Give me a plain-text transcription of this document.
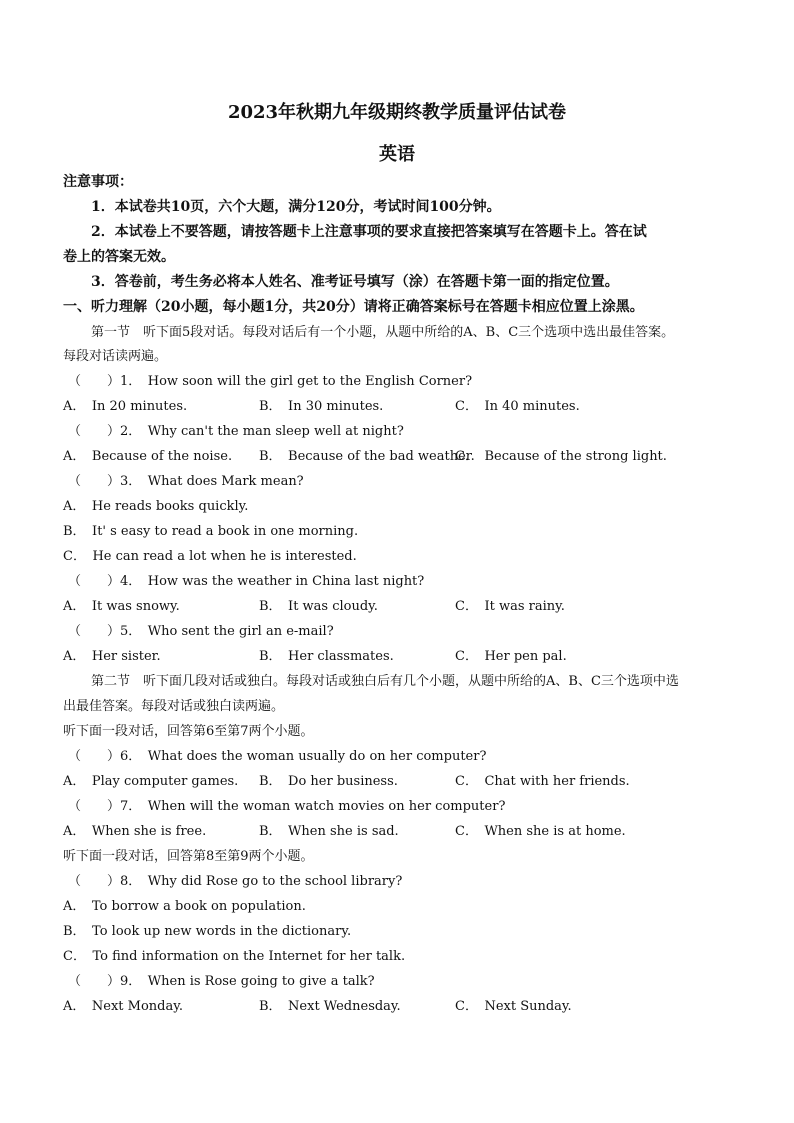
2023年秋期九年级期终教学质量评估试卷
英语
注意事项：
1．本试卷共10页，六个大题，满分120分，考试时间100分钟。
2．本试卷上不要答题，请按答题卡上注意事项的要求直接把答案填写在答题卡上。答在试
卷上的答案无效。
3．答卷前，考生务必将本人姓名、准考证号填写（涂）在答题卡第一面的指定位置。
一、听力理解（20小题，每小题1分，共20分）请将正确答案标号在答题卡相应位置上涂黑。
第一节　听下面5段对话。每段对话后有一个小题，从题中所给的A、B、C三个选项中选出最佳答案。
每段对话读两遍。
（　　）1．　How soon will the girl get to the English Corner?
A．　In 20 minutes.	B．　In 30 minutes.	C．　In 40 minutes.
（　　）2．　Why can't the man sleep well at night?
A．　Because of the noise. B．　Because of the bad weather.
C．　Because of the strong light.
（　　）3．　What does Mark mean?
A．　He reads books quickly.
B．　It' s easy to read a book in one morning.
C．　He can read a lot when he is interested.
（　　）4．　How was the weather in China last night?
A．　It was snowy.	B．　It was cloudy.	C．　It was rainy.
（　　）5．　Who sent the girl an e-mail?
A．　Her sister.	B．　Her classmates.	C．　Her pen pal.
第二节　听下面几段对话或独白。每段对话或独白后有几个小题，从题中所给的A、B、C三个选项中选
出最佳答案。每段对话或独白读两遍。
听下面一段对话，回答第6至第7两个小题。
（　　）6．　What does the woman usually do on her computer?
A．　Play computer games. B．　Do her business.	C．　Chat with her friends.
（　　）7．　When will the woman watch movies on her computer?
A．　When she is free.	B．　When she is sad.	C．　When she is at home.
听下面一段对话，回答第8至第9两个小题。
（　　）8．　Why did Rose go to the school library?
A．　To borrow a book on population.
B．　To look up new words in the dictionary.
C．　To find information on the Internet for her talk.
（　　）9．　When is Rose going to give a talk?
A．　Next Monday.	B．　Next Wednesday.	C．　Next Sunday.
